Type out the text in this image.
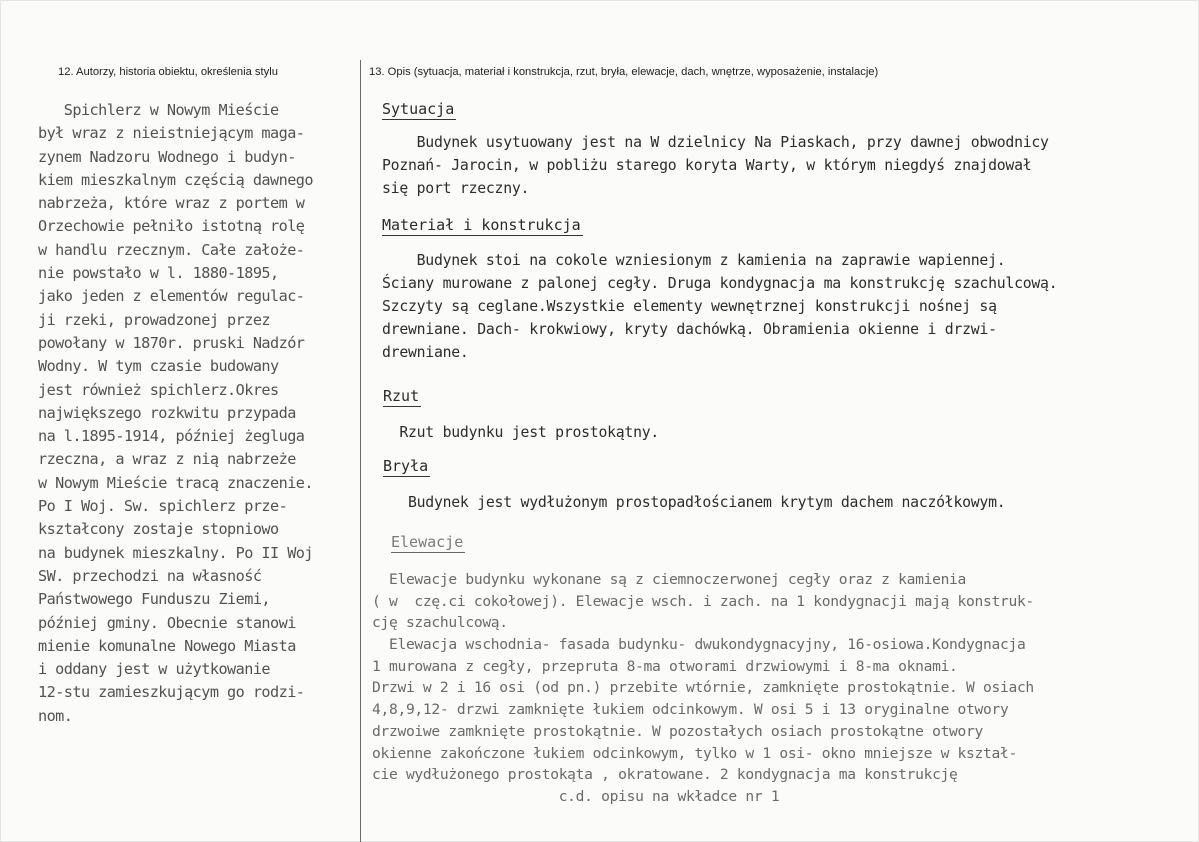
12. Autorzy, historia obiektu, określenia stylu	13. Opis (sytuacja, materiał i konstrukcja, rzut, bryła, elewacje, dach, wnętrze, wyposażenie, instalacje)
Spichlerz w Nowym Mieście
był wraz z nieistniejącym maga-
zynem Nadzoru Wodnego i budyn-
kiem mieszkalnym częścią dawnego
nabrzeża, które wraz z portem w
Orzechowie pełniło istotną rolę
w handlu rzecznym. Całe założe-
nie powstało w l. 1880-1895,
jako jeden z elementów regulac-
ji rzeki, prowadzonej przez
powołany w 1870r. pruski Nadzór
Wodny. W tym czasie budowany
jest również spichlerz.Okres
największego rozkwitu przypada
na l.1895-1914, później żegluga
rzeczna, a wraz z nią nabrzeże
w Nowym Mieście tracą znaczenie.
Po I Woj. Sw. spichlerz prze-
kształcony zostaje stopniowo
na budynek mieszkalny. Po II Woj
SW. przechodzi na własność
Państwowego Funduszu Ziemi,
później gminy. Obecnie stanowi
mienie komunalne Nowego Miasta
i oddany jest w użytkowanie
12-stu zamieszkującym go rodzi-
nom.
Sytuacja
Budynek usytuowany jest na W dzielnicy Na Piaskach, przy dawnej obwodnicy
Poznań- Jarocin, w pobliżu starego koryta Warty, w którym niegdyś znajdował
się port rzeczny.
Materiał i konstrukcja
Budynek stoi na cokole wzniesionym z kamienia na zaprawie wapiennej.
Ściany murowane z palonej cegły. Druga kondygnacja ma konstrukcję szachulcową.
Szczyty są ceglane.Wszystkie elementy wewnętrznej konstrukcji nośnej są
drewniane. Dach- krokwiowy, kryty dachówką. Obramienia okienne i drzwi-
drewniane.
Rzut
Rzut budynku jest prostokątny.
Bryła
Budynek jest wydłużonym prostopadłościanem krytym dachem naczółkowym.
Elewacje
Elewacje budynku wykonane są z ciemnoczerwonej cegły oraz z kamienia
( w  czę.ci cokołowej). Elewacje wsch. i zach. na 1 kondygnacji mają konstruk-
cję szachulcową.
Elewacja wschodnia- fasada budynku- dwukondygnacyjny, 16-osiowa.Kondygnacja
1 murowana z cegły, przepruta 8-ma otworami drzwiowymi i 8-ma oknami.
Drzwi w 2 i 16 osi (od pn.) przebite wtórnie, zamknięte prostokątnie. W osiach
4,8,9,12- drzwi zamknięte łukiem odcinkowym. W osi 5 i 13 oryginalne otwory
drzwoiwe zamknięte prostokątnie. W pozostałych osiach prostokątne otwory
okienne zakończone łukiem odcinkowym, tylko w 1 osi- okno mniejsze w kształ-
cie wydłużonego prostokąta , okratowane. 2 kondygnacja ma konstrukcję
c.d. opisu na wkładce nr 1
